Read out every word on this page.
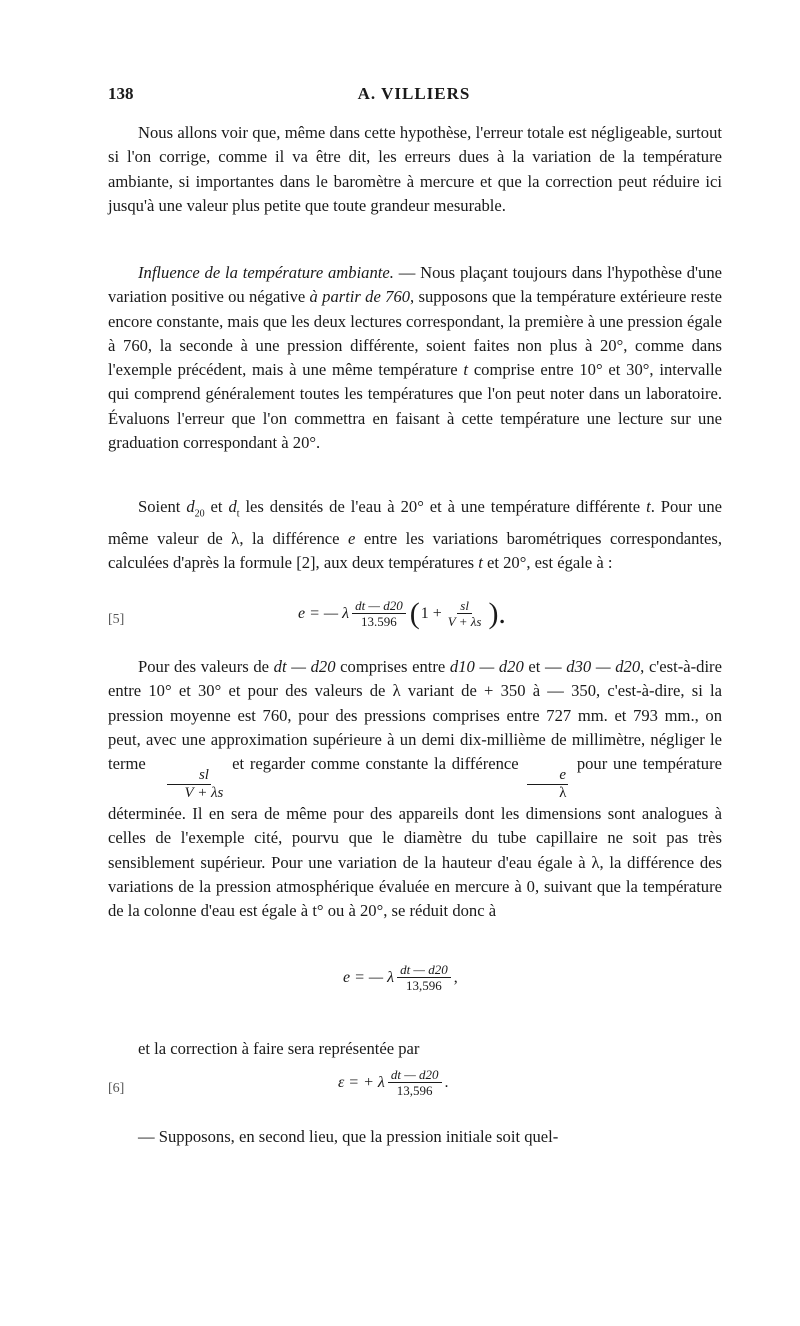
138	A. VILLIERS

Nous allons voir que, même dans cette hypothèse, l'erreur totale est négligeable, surtout si l'on corrige, comme il va être dit, les erreurs dues à la variation de la température ambiante, si importantes dans le baromètre à mercure et que la correction peut réduire ici jusqu'à une valeur plus petite que toute grandeur mesurable.

Influence de la température ambiante. — Nous plaçant toujours dans l'hypothèse d'une variation positive ou négative à partir de 760, supposons que la température extérieure reste encore constante, mais que les deux lectures correspondant, la première à une pression égale à 760, la seconde à une pression différente, soient faites non plus à 20°, comme dans l'exemple précédent, mais à une même température t comprise entre 10° et 30°, intervalle qui comprend généralement toutes les températures que l'on peut noter dans un laboratoire. Évaluons l'erreur que l'on commettra en faisant à cette température une lecture sur une graduation correspondant à 20°.

Soient $d_{20}$ et $d_t$ les densités de l'eau à 20° et à une température différente t. Pour une même valeur de λ, la différence e entre les variations barométriques correspondantes, calculées d'après la formule [2], aux deux températures t et 20°, est égale à :

[5]	e = — λ $\frac{dt — d20}{13.596}$ ( $1 + \frac{sl}{V + \lambda s}$ ).

Pour des valeurs de dt — d20 comprises entre d10 — d20 et — d30 — d20, c'est-à-dire entre 10° et 30° et pour des valeurs de λ variant de + 350 à — 350, c'est-à-dire, si la pression moyenne est 760, pour des pressions comprises entre 727 mm. et 793 mm., on peut, avec une approximation supérieure à un demi dix-millième de millimètre, négliger le terme
$\frac{sl}{V + \lambda s}$
et regarder comme constante la différence
$\frac{e}{\lambda}$
pour une température déterminée. Il en sera de même pour des appareils dont les dimensions sont analogues à celles de l'exemple cité, pourvu que le diamètre du tube capillaire ne soit pas très sensiblement supérieur. Pour une variation de la hauteur d'eau égale à λ, la différence des variations de la pression atmosphérique évaluée en mercure à 0, suivant que la température de la colonne d'eau est égale à t° ou à 20°, se réduit donc à

e = — λ $\frac{dt — d20}{13,596}$ ,

et la correction à faire sera représentée par

[6]	ε = + λ $\frac{dt — d20}{13,596}$ .

— Supposons, en second lieu, que la pression initiale soit quel-
